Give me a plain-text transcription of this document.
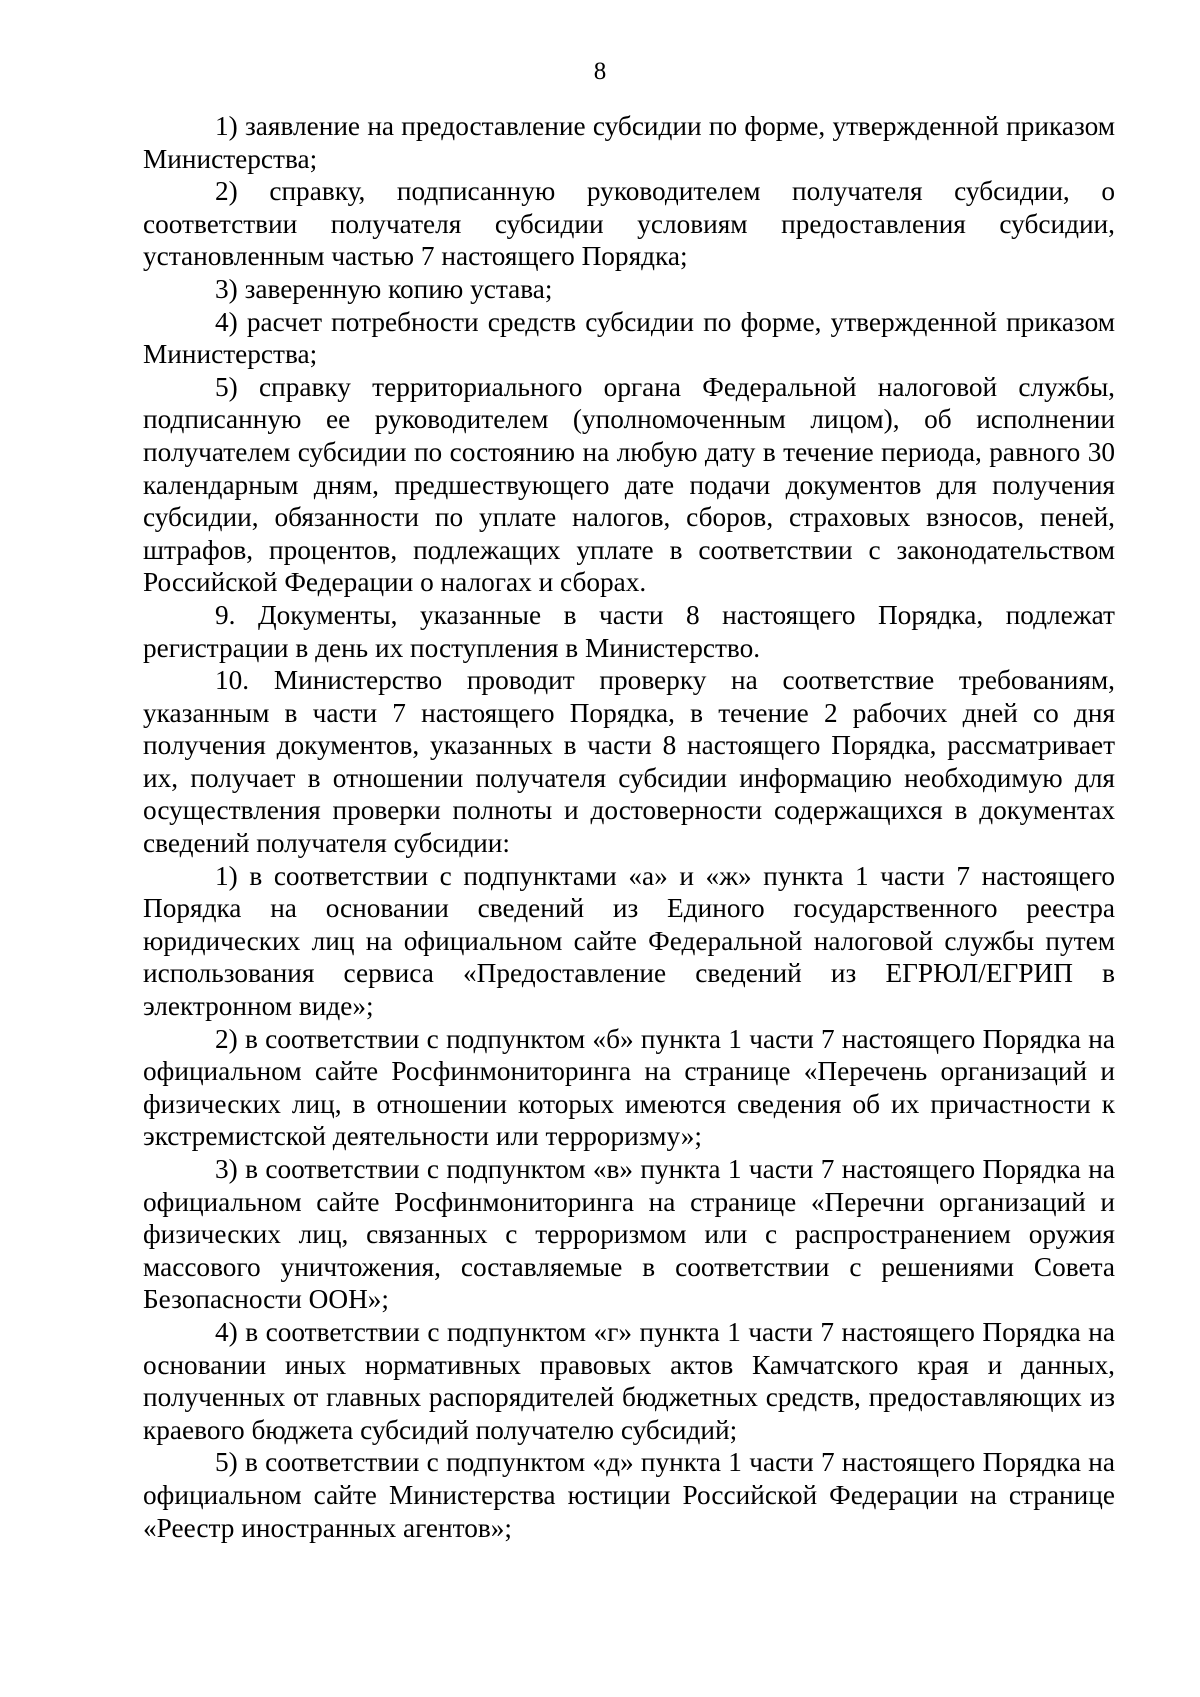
8

1) заявление на предоставление субсидии по форме, утвержденной приказом Министерства;

2) справку, подписанную руководителем получателя субсидии, о соответствии получателя субсидии условиям предоставления субсидии, установленным частью 7 настоящего Порядка;

3) заверенную копию устава;

4) расчет потребности средств субсидии по форме, утвержденной приказом Министерства;

5) справку территориального органа Федеральной налоговой службы, подписанную ее руководителем (уполномоченным лицом), об исполнении получателем субсидии по состоянию на любую дату в течение периода, равного 30 календарным дням, предшествующего дате подачи документов для получения субсидии, обязанности по уплате налогов, сборов, страховых взносов, пеней, штрафов, процентов, подлежащих уплате в соответствии с законодательством Российской Федерации о налогах и сборах.

9. Документы, указанные в части 8 настоящего Порядка, подлежат регистрации в день их поступления в Министерство.

10. Министерство проводит проверку на соответствие требованиям, указанным в части 7 настоящего Порядка, в течение 2 рабочих дней со дня получения документов, указанных в части 8 настоящего Порядка, рассматривает их, получает в отношении получателя субсидии информацию необходимую для осуществления проверки полноты и достоверности содержащихся в документах сведений получателя субсидии:

1) в соответствии с подпунктами «а» и «ж» пункта 1 части 7 настоящего Порядка на основании сведений из Единого государственного реестра юридических лиц на официальном сайте Федеральной налоговой службы путем использования сервиса «Предоставление сведений из ЕГРЮЛ/ЕГРИП в электронном виде»;

2) в соответствии с подпунктом «б» пункта 1 части 7 настоящего Порядка на официальном сайте Росфинмониторинга на странице «Перечень организаций и физических лиц, в отношении которых имеются сведения об их причастности к экстремистской деятельности или терроризму»;

3) в соответствии с подпунктом «в» пункта 1 части 7 настоящего Порядка на официальном сайте Росфинмониторинга на странице «Перечни организаций и физических лиц, связанных с терроризмом или с распространением оружия массового уничтожения, составляемые в соответствии с решениями Совета Безопасности ООН»;

4) в соответствии с подпунктом «г» пункта 1 части 7 настоящего Порядка на основании иных нормативных правовых актов Камчатского края и данных, полученных от главных распорядителей бюджетных средств, предоставляющих из краевого бюджета субсидий получателю субсидий;

5) в соответствии с подпунктом «д» пункта 1 части 7 настоящего Порядка на официальном сайте Министерства юстиции Российской Федерации на странице «Реестр иностранных агентов»;
